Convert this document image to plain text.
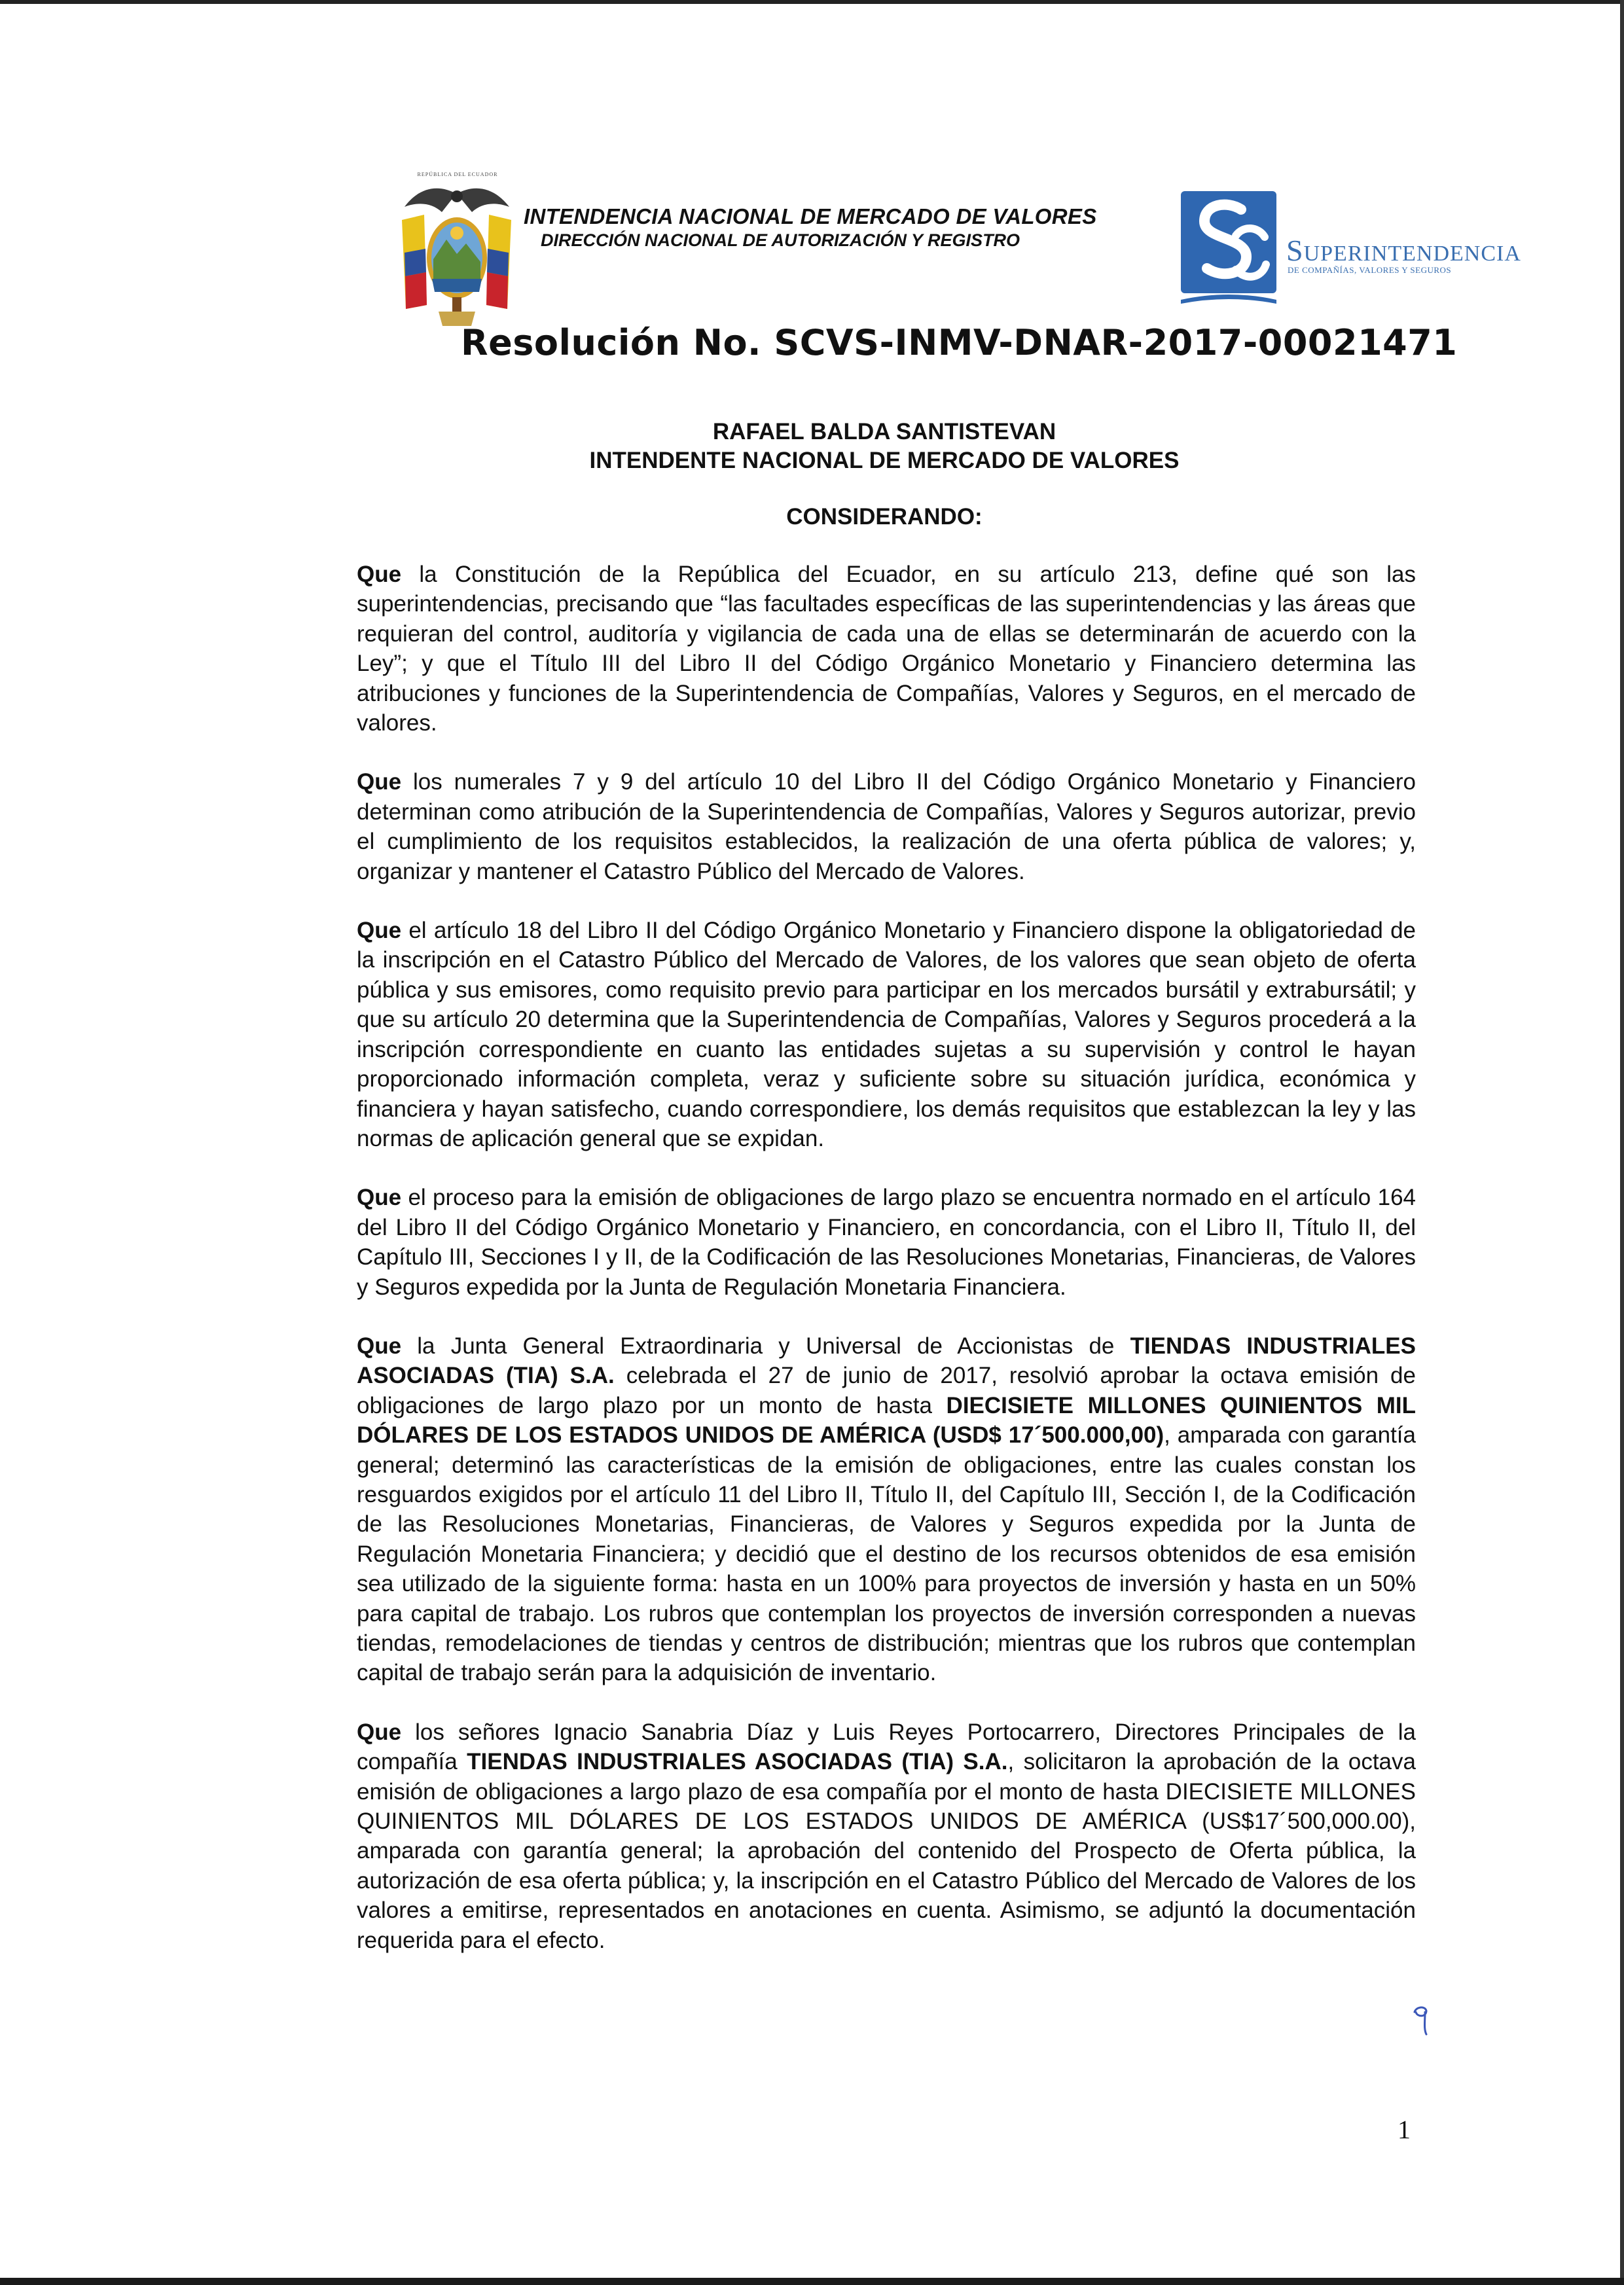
REPÚBLICA DEL ECUADOR
INTENDENCIA NACIONAL DE MERCADO DE VALORES
DIRECCIÓN NACIONAL DE AUTORIZACIÓN Y REGISTRO	SUPERINTENDENCIA
DE COMPAÑÍAS, VALORES Y SEGUROS
Resolución No. SCVS-INMV-DNAR-2017-00021471
RAFAEL BALDA SANTISTEVAN
INTENDENTE NACIONAL DE MERCADO DE VALORES
CONSIDERANDO:

Que la Constitución de la República del Ecuador, en su artículo 213, define qué son las superintendencias, precisando que “las facultades específicas de las superintendencias y las áreas que requieran del control, auditoría y vigilancia de cada una de ellas se determinarán de acuerdo con la Ley”; y que el Título III del Libro II del Código Orgánico Monetario y Financiero determina las atribuciones y funciones de la Superintendencia de Compañías, Valores y Seguros, en el mercado de valores.

Que los numerales 7 y 9 del artículo 10 del Libro II del Código Orgánico Monetario y Financiero determinan como atribución de la Superintendencia de Compañías, Valores y Seguros autorizar, previo el cumplimiento de los requisitos establecidos, la realización de una oferta pública de valores; y, organizar y mantener el Catastro Público del Mercado de Valores.

Que el artículo 18 del Libro II del Código Orgánico Monetario y Financiero dispone la obligatoriedad de la inscripción en el Catastro Público del Mercado de Valores, de los valores que sean objeto de oferta pública y sus emisores, como requisito previo para participar en los mercados bursátil y extrabursátil; y que su artículo 20 determina que la Superintendencia de Compañías, Valores y Seguros procederá a la inscripción correspondiente en cuanto las entidades sujetas a su supervisión y control le hayan proporcionado información completa, veraz y suficiente sobre su situación jurídica, económica y financiera y hayan satisfecho, cuando correspondiere, los demás requisitos que establezcan la ley y las normas de aplicación general que se expidan.

Que el proceso para la emisión de obligaciones de largo plazo se encuentra normado en el artículo 164 del Libro II del Código Orgánico Monetario y Financiero, en concordancia, con el Libro II, Título II, del Capítulo III, Secciones I y II, de la Codificación de las Resoluciones Monetarias, Financieras, de Valores y Seguros expedida por la Junta de Regulación Monetaria Financiera.

Que la Junta General Extraordinaria y Universal de Accionistas de TIENDAS INDUSTRIALES ASOCIADAS (TIA) S.A. celebrada el 27 de junio de 2017, resolvió aprobar la octava emisión de obligaciones de largo plazo por un monto de hasta DIECISIETE MILLONES QUINIENTOS MIL DÓLARES DE LOS ESTADOS UNIDOS DE AMÉRICA (USD$ 17´500.000,00), amparada con garantía general; determinó las características de la emisión de obligaciones, entre las cuales constan los resguardos exigidos por el artículo 11 del Libro II, Título II, del Capítulo III, Sección I, de la Codificación de las Resoluciones Monetarias, Financieras, de Valores y Seguros expedida por la Junta de Regulación Monetaria Financiera; y decidió que el destino de los recursos obtenidos de esa emisión sea utilizado de la siguiente forma: hasta en un 100% para proyectos de inversión y hasta en un 50% para capital de trabajo. Los rubros que contemplan los proyectos de inversión corresponden a nuevas tiendas, remodelaciones de tiendas y centros de distribución; mientras que los rubros que contemplan capital de trabajo serán para la adquisición de inventario.

Que los señores Ignacio Sanabria Díaz y Luis Reyes Portocarrero, Directores Principales de la compañía TIENDAS INDUSTRIALES ASOCIADAS (TIA) S.A., solicitaron la aprobación de la octava emisión de obligaciones a largo plazo de esa compañía por el monto de hasta DIECISIETE MILLONES QUINIENTOS MIL DÓLARES DE LOS ESTADOS UNIDOS DE AMÉRICA (US$17´500,000.00), amparada con garantía general; la aprobación del contenido del Prospecto de Oferta pública, la autorización de esa oferta pública; y, la inscripción en el Catastro Público del Mercado de Valores de los valores a emitirse, representados en anotaciones en cuenta. Asimismo, se adjuntó la documentación requerida para el efecto.

1
